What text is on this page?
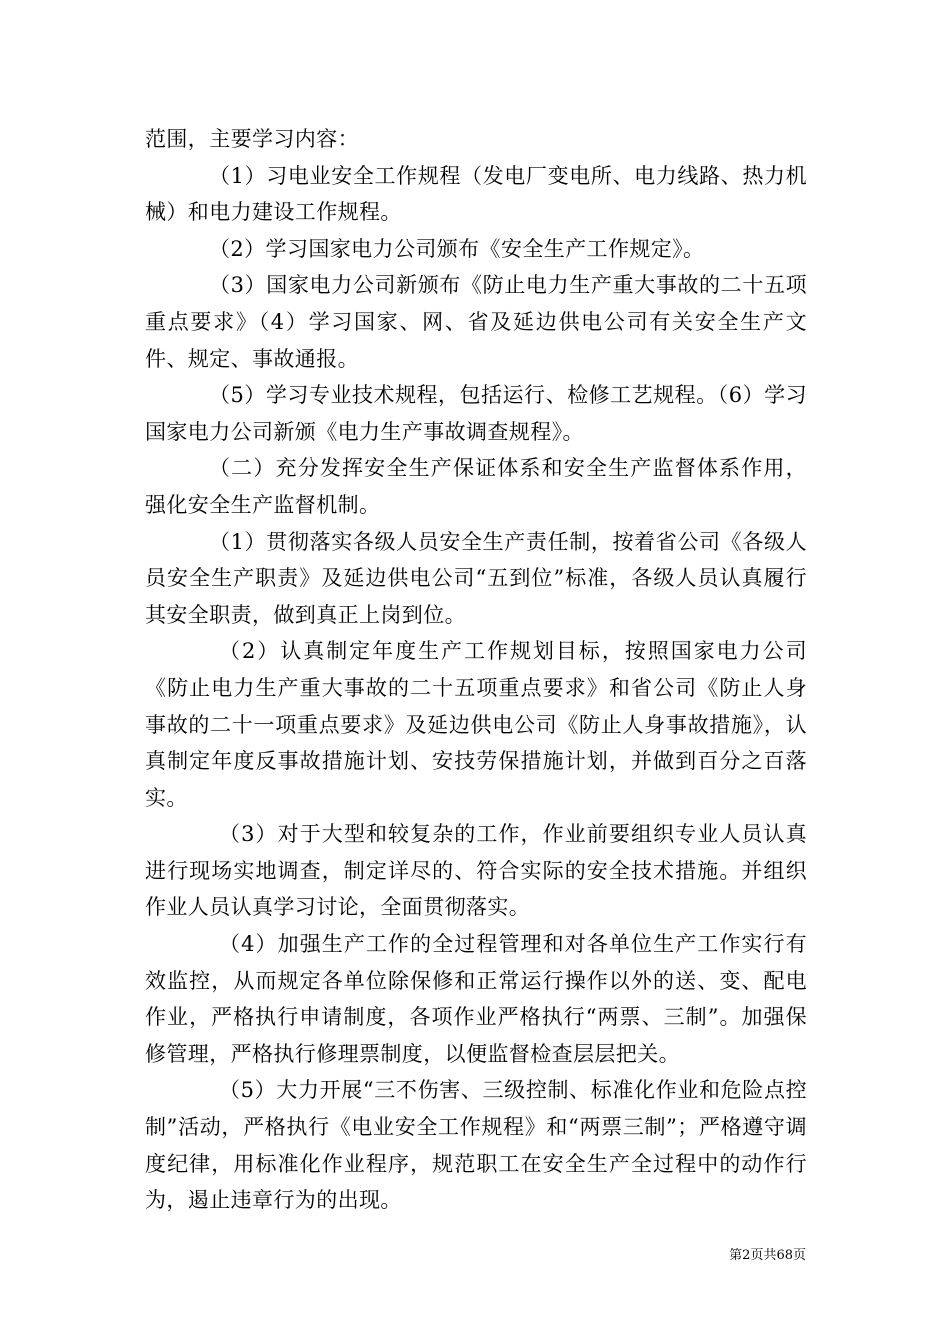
范围，主要学习内容：

（1）习电业安全工作规程（发电厂变电所、电力线路、热力机械）和电力建设工作规程。

（2）学习国家电力公司颁布《安全生产工作规定》。

（3）国家电力公司新颁布《防止电力生产重大事故的二十五项重点要求》（4）学习国家、网、省及延边供电公司有关安全生产文件、规定、事故通报。

（5）学习专业技术规程，包括运行、检修工艺规程。（6）学习国家电力公司新颁《电力生产事故调查规程》。

（二）充分发挥安全生产保证体系和安全生产监督体系作用，强化安全生产监督机制。

（1）贯彻落实各级人员安全生产责任制，按着省公司《各级人员安全生产职责》及延边供电公司“五到位”标准，各级人员认真履行其安全职责，做到真正上岗到位。

（2）认真制定年度生产工作规划目标，按照国家电力公司《防止电力生产重大事故的二十五项重点要求》和省公司《防止人身事故的二十一项重点要求》及延边供电公司《防止人身事故措施》，认真制定年度反事故措施计划、安技劳保措施计划，并做到百分之百落实。

（3）对于大型和较复杂的工作，作业前要组织专业人员认真进行现场实地调查，制定详尽的、符合实际的安全技术措施。并组织作业人员认真学习讨论，全面贯彻落实。

（4）加强生产工作的全过程管理和对各单位生产工作实行有效监控，从而规定各单位除保修和正常运行操作以外的送、变、配电作业，严格执行申请制度，各项作业严格执行“两票、三制”。加强保修管理，严格执行修理票制度，以便监督检查层层把关。

（5）大力开展“三不伤害、三级控制、标准化作业和危险点控制”活动，严格执行《电业安全工作规程》和“两票三制”；严格遵守调度纪律，用标准化作业程序，规范职工在安全生产全过程中的动作行为，遏止违章行为的出现。

第2页共68页
